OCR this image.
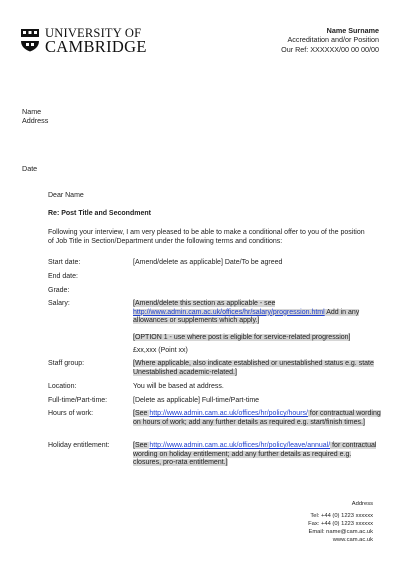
UNIVERSITY OF
CAMBRIDGE
Name Surname
Accreditation and/or Position
Our Ref: XXXXXX/00 00 00/00
Name
Address
Date
Dear Name
Re: Post Title and Secondment
Following your interview, I am very pleased to be able to make a conditional offer to you of the position of Job Title in Section/Department under the following terms and conditions:
Start date:	[Amend/delete as applicable] Date/To be agreed
End date:
Grade:
Salary:	[Amend/delete this section as applicable - see
http://www.admin.cam.ac.uk/offices/hr/salary/progression.html Add in any allowances or supplements which apply.]
[OPTION 1 - use where post is eligible for service-related progression]
£xx,xxx (Point xx)
Staff group:	[Where applicable, also indicate established or unestablished status e.g. state Unestablished academic-related.]
Location:	You will be based at address.
Full-time/Part-time:	[Delete as applicable] Full-time/Part-time
Hours of work:	[See http://www.admin.cam.ac.uk/offices/hr/policy/hours/ for contractual wording on hours of work; add any further details as required e.g. start/finish times.]
Holiday entitlement:	[See http://www.admin.cam.ac.uk/offices/hr/policy/leave/annual/ for contractual wording on holiday entitlement; add any further details as required e.g. closures, pro-rata entitlement.]
Address
Tel: +44 (0) 1223 xxxxxx
Fax: +44 (0) 1223 xxxxxx
Email: name@cam.ac.uk
www.cam.ac.uk
